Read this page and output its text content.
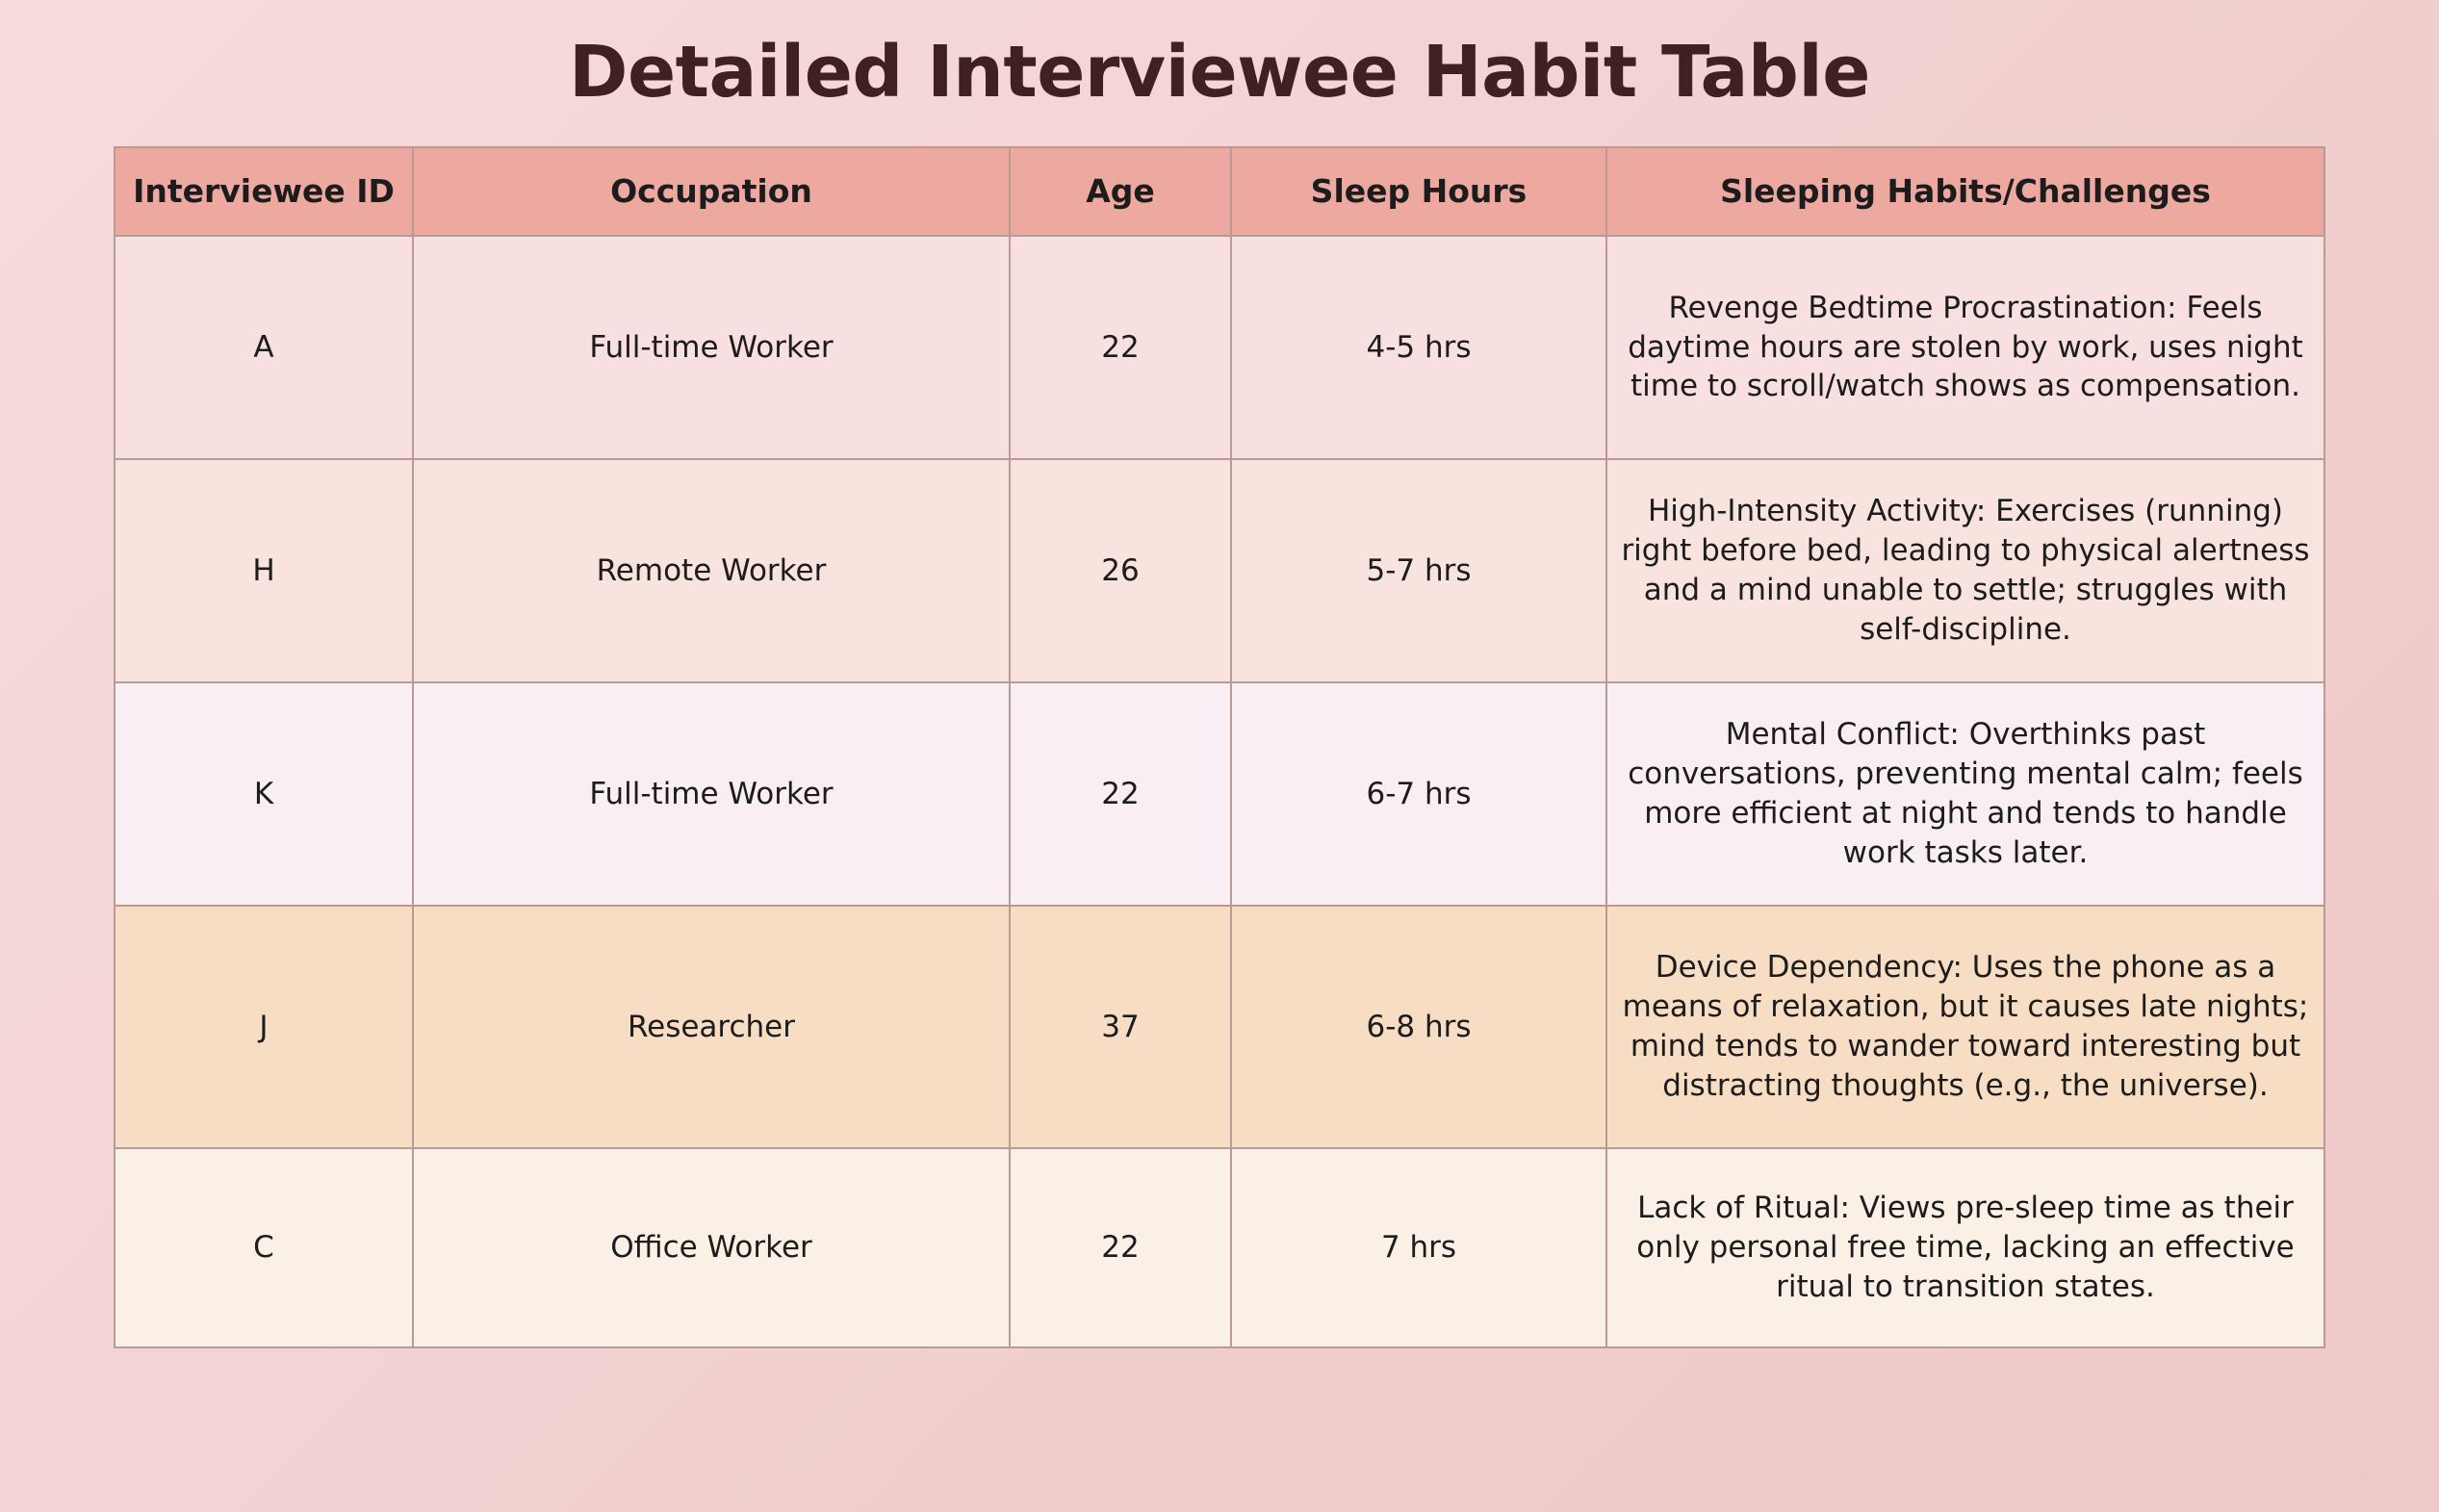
Detailed Interviewee Habit Table
Interviewee ID	Occupation	Age	Sleep Hours	Sleeping Habits/Challenges
A	Full-time Worker	22	4-5 hrs	Revenge Bedtime Procrastination: Feels daytime hours are stolen by work, uses night time to scroll/watch shows as compensation.
H	Remote Worker	26	5-7 hrs	High-Intensity Activity: Exercises (running) right before bed, leading to physical alertness and a mind unable to settle; struggles with self-discipline.
K	Full-time Worker	22	6-7 hrs	Mental Conflict: Overthinks past conversations, preventing mental calm; feels more efficient at night and tends to handle work tasks later.
J	Researcher	37	6-8 hrs	Device Dependency: Uses the phone as a means of relaxation, but it causes late nights; mind tends to wander toward interesting but distracting thoughts (e.g., the universe).
C	Office Worker	22	7 hrs	Lack of Ritual: Views pre-sleep time as their only personal free time, lacking an effective ritual to transition states.
